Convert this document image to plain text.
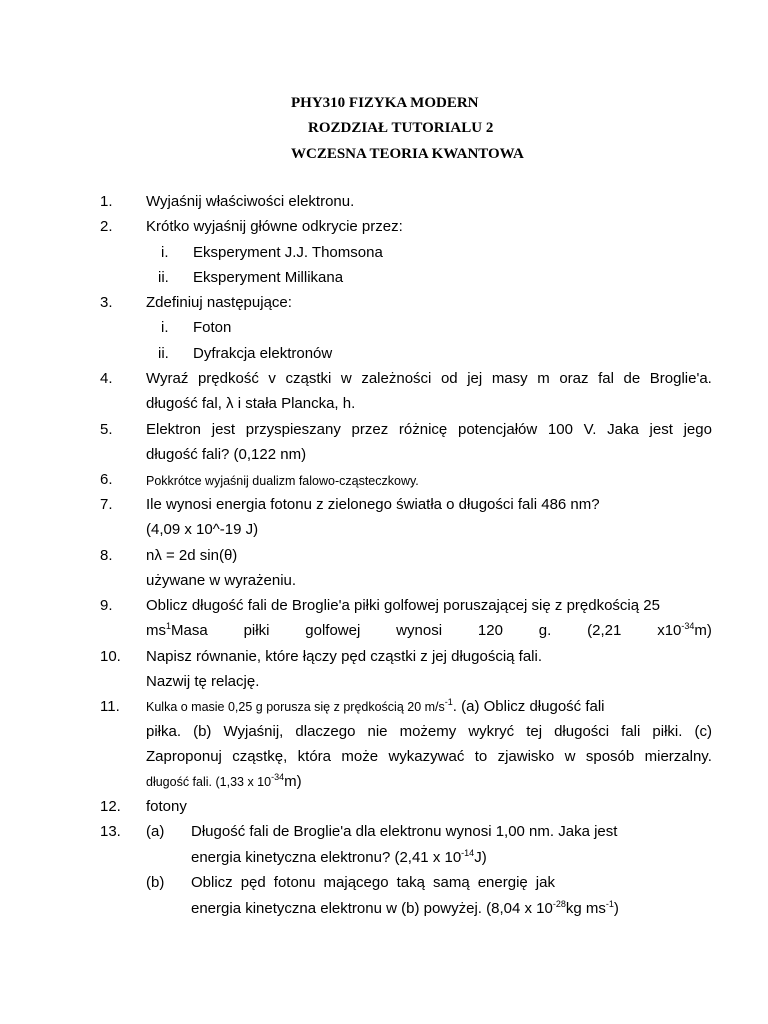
PHY310 FIZYKA MODERN
ROZDZIAŁ TUTORIALU 2
WCZESNA TEORIA KWANTOWA
1. Wyjaśnij właściwości elektronu.
2. Krótko wyjaśnij główne odkrycie przez:
i. Eksperyment J.J. Thomsona
ii. Eksperyment Millikana
3. Zdefiniuj następujące:
i. Foton
ii. Dyfrakcja elektronów
4. Wyraź prędkość v cząstki w zależności od jej masy m oraz fal de Broglie'a.
długość fal, λ i stała Plancka, h.
5. Elektron jest przyspieszany przez różnicę potencjałów 100 V. Jaka jest jego
długość fali? (0,122 nm)
6.	Pokkrótce wyjaśnij dualizm falowo-cząsteczkowy.
7. Ile wynosi energia fotonu z zielonego światła o długości fali 486 nm?
(4,09 x 10^-19 J)
8. nλ = 2d sin(θ)
używane w wyrażeniu.
9. Oblicz długość fali de Broglie'a piłki golfowej poruszającej się z prędkością 25
$ms^1Masa$ piłki golfowej wynosi 120 g. (2,21 $x10^{-34}m$)
10. Napisz równanie, które łączy pęd cząstki z jej długością fali.
Nazwij tę relację.
11. Kulka o masie 0,25 g porusza się z prędkością 20 $m/s^{-1}$. (a) Oblicz długość fali
piłka. (b) Wyjaśnij, dlaczego nie możemy wykryć tej długości fali piłki. (c)
Zaproponuj cząstkę, która może wykazywać to zjawisko w sposób mierzalny.
długość fali. (1,33 x $10^{-34}m$)
12. fotony
13. (a) Długość fali de Broglie'a dla elektronu wynosi 1,00 nm. Jaka jest
energia kinetyczna elektronu? (2,41 x $10^{-14}J$)
(b) Oblicz pęd fotonu mającego taką samą energię jak
energia kinetyczna elektronu w (b) powyżej. (8,04 x $10^{-28}kg$ $ms^{-1}$)
